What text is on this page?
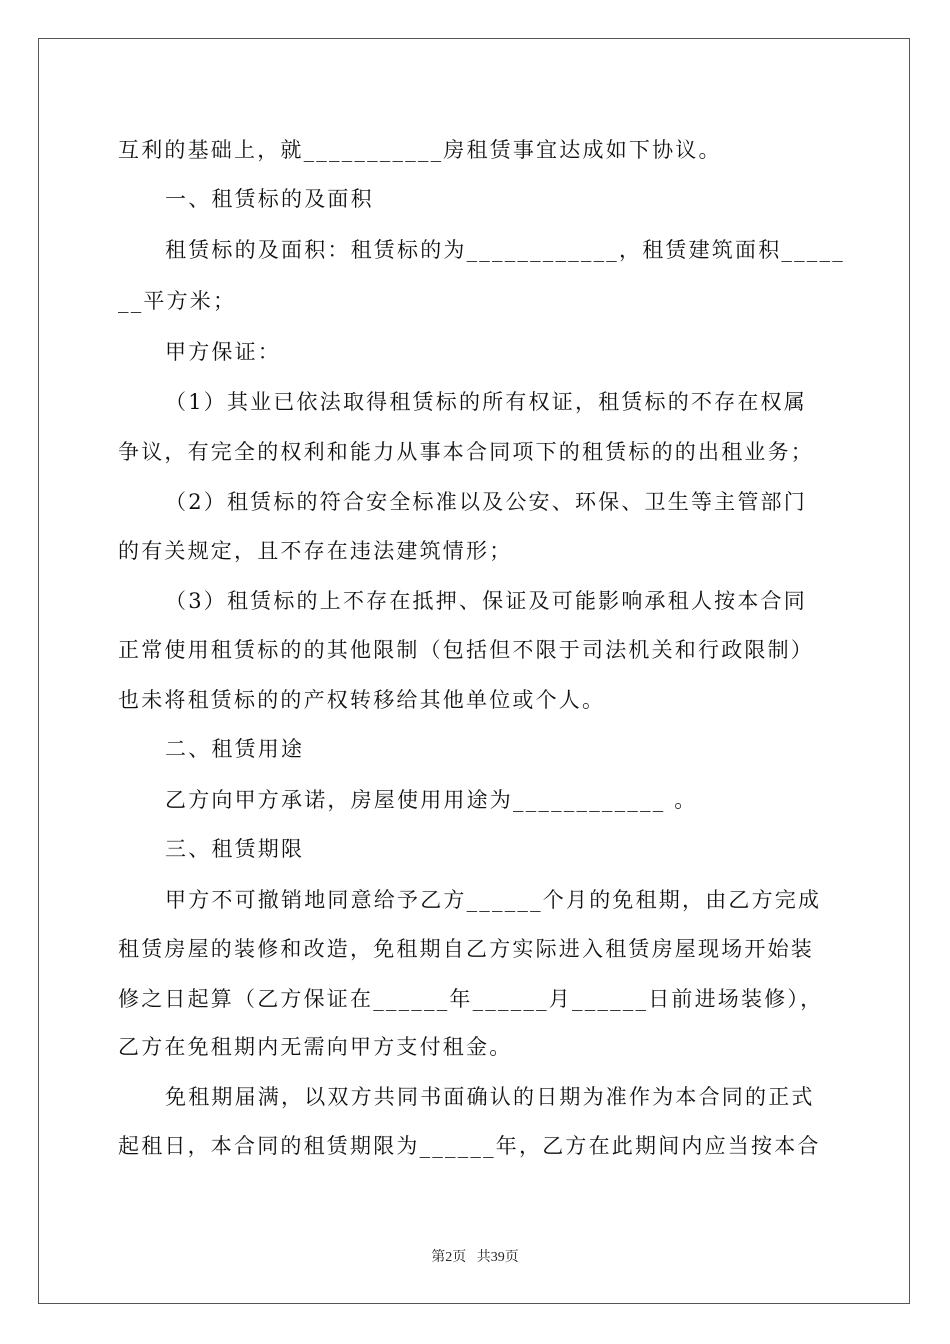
互利的基础上，就___________房租赁事宜达成如下协议。
一、租赁标的及面积
租赁标的及面积：租赁标的为____________，租赁建筑面积_____
__平方米；
甲方保证：
（1）其业已依法取得租赁标的所有权证，租赁标的不存在权属
争议，有完全的权利和能力从事本合同项下的租赁标的的出租业务；
（2）租赁标的符合安全标准以及公安、环保、卫生等主管部门
的有关规定，且不存在违法建筑情形；
（3）租赁标的上不存在抵押、保证及可能影响承租人按本合同
正常使用租赁标的的其他限制（包括但不限于司法机关和行政限制）
也未将租赁标的的产权转移给其他单位或个人。
二、租赁用途
乙方向甲方承诺，房屋使用用途为____________ 。
三、租赁期限
甲方不可撤销地同意给予乙方______个月的免租期，由乙方完成
租赁房屋的装修和改造，免租期自乙方实际进入租赁房屋现场开始装
修之日起算（乙方保证在______年______月______日前进场装修），
乙方在免租期内无需向甲方支付租金。
免租期届满，以双方共同书面确认的日期为准作为本合同的正式
起租日，本合同的租赁期限为______年，乙方在此期间内应当按本合
第2页 共39页
